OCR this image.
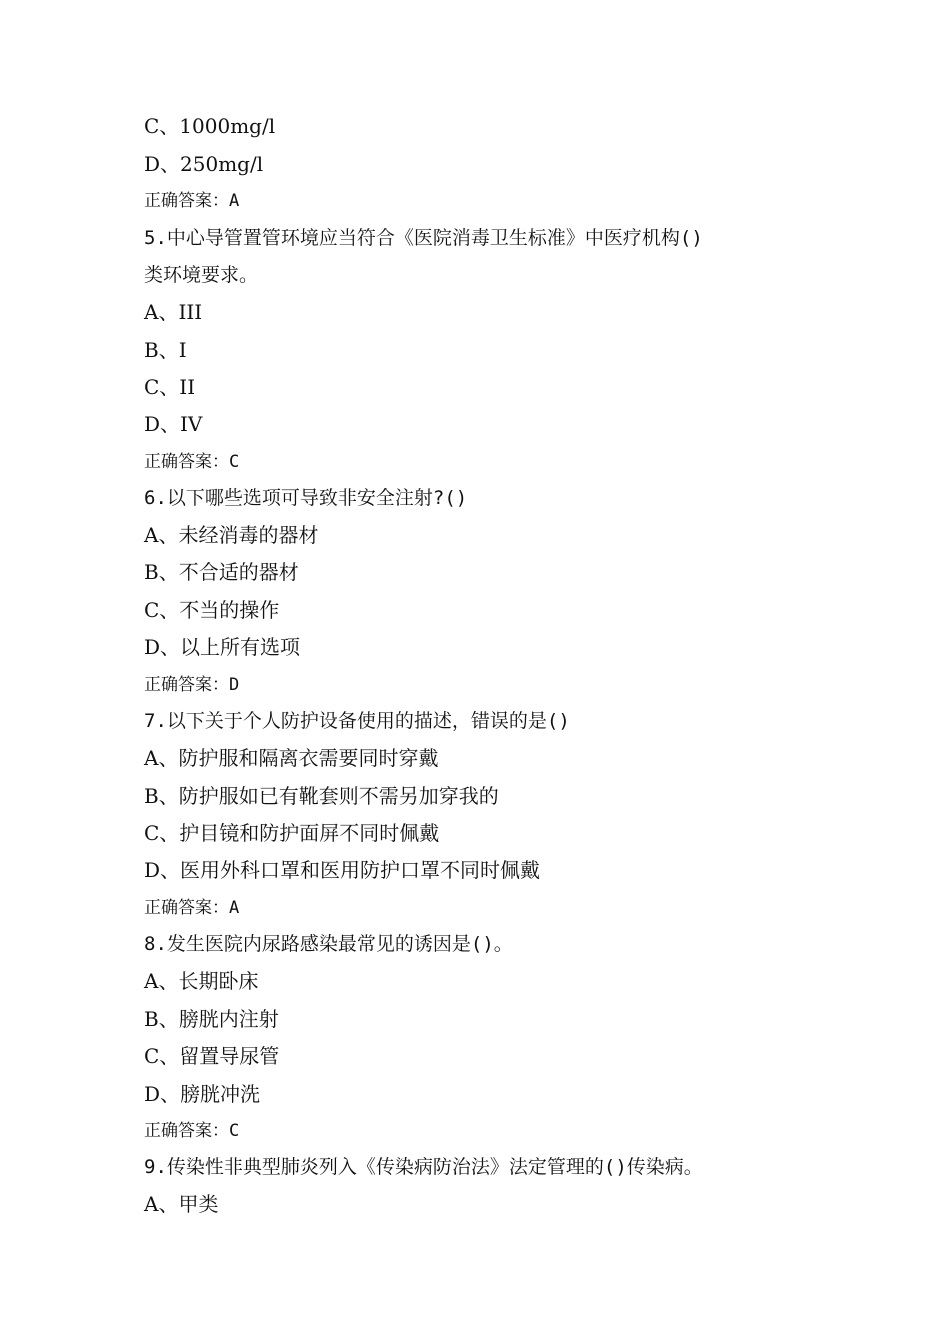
C、1000mg/l
D、250mg/l
正确答案：A
5.中心导管置管环境应当符合《医院消毒卫生标准》中医疗机构()
类环境要求。
A、III
B、I
C、II
D、IV
正确答案：C
6.以下哪些选项可导致非安全注射?()
A、未经消毒的器材
B、不合适的器材
C、不当的操作
D、以上所有选项
正确答案：D
7.以下关于个人防护设备使用的描述，错误的是()
A、防护服和隔离衣需要同时穿戴
B、防护服如已有靴套则不需另加穿我的
C、护目镜和防护面屏不同时佩戴
D、医用外科口罩和医用防护口罩不同时佩戴
正确答案：A
8.发生医院内尿路感染最常见的诱因是()。
A、长期卧床
B、膀胱内注射
C、留置导尿管
D、膀胱冲洗
正确答案：C
9.传染性非典型肺炎列入《传染病防治法》法定管理的()传染病。
A、甲类
